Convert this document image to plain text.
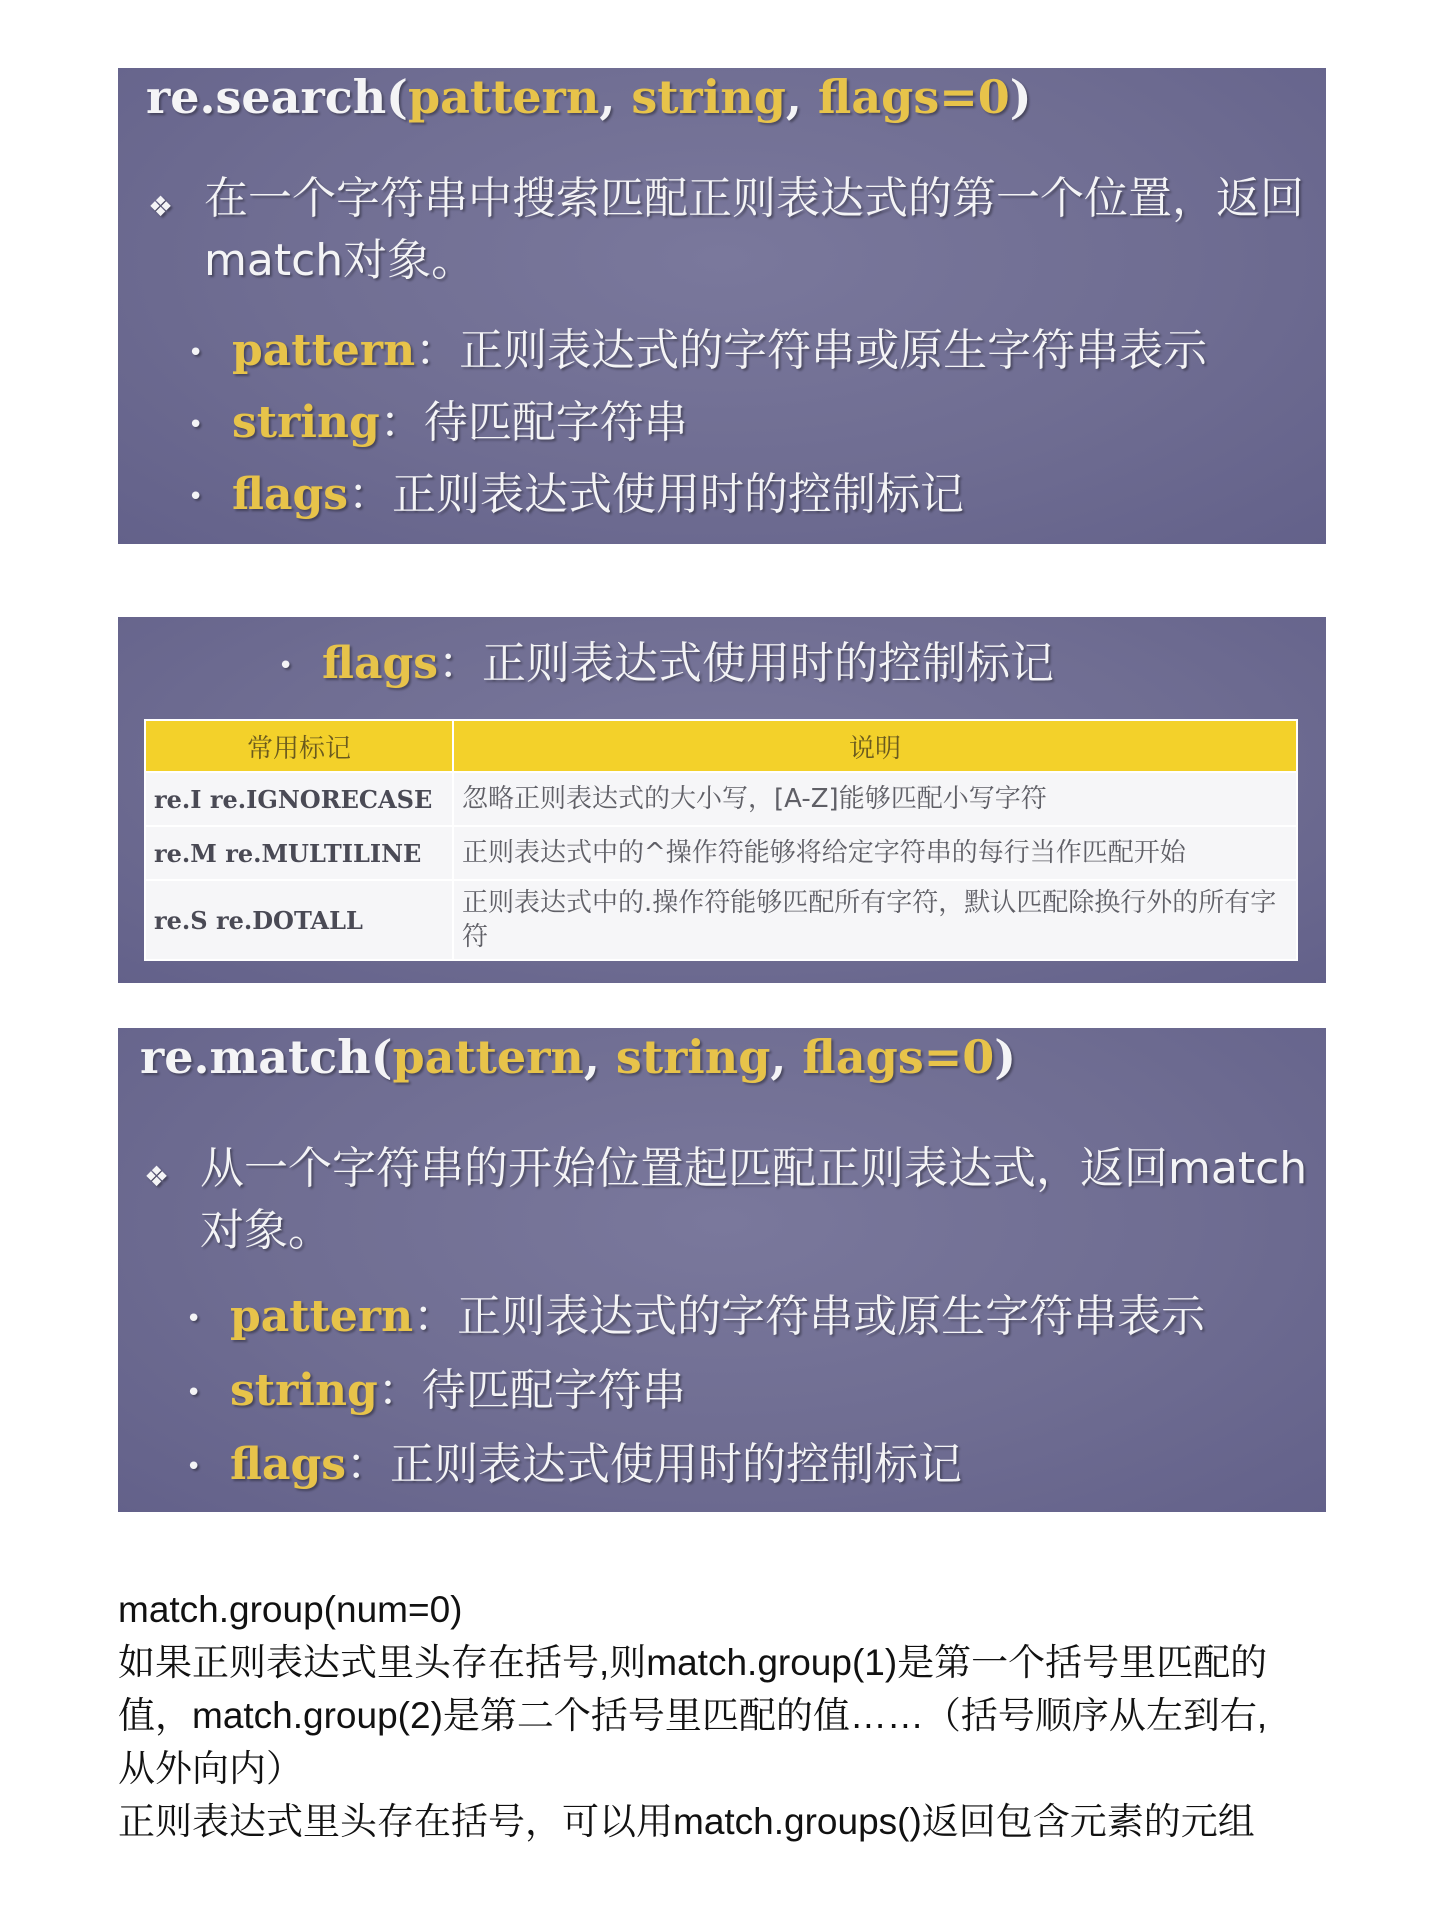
re.search(pattern, string, flags=0)
❖ 在一个字符串中搜索匹配正则表达式的第一个位置，返回match对象。
• pattern：正则表达式的字符串或原生字符串表示
• string：待匹配字符串
• flags：正则表达式使用时的控制标记
• flags：正则表达式使用时的控制标记
常用标记	说明
re.I re.IGNORECASE	忽略正则表达式的大小写，[A-Z]能够匹配小写字符
re.M re.MULTILINE	正则表达式中的^操作符能够将给定字符串的每行当作匹配开始
re.S re.DOTALL	正则表达式中的.操作符能够匹配所有字符，默认匹配除换行外的所有字符
re.match(pattern, string, flags=0)
❖ 从一个字符串的开始位置起匹配正则表达式，返回match对象。
• pattern：正则表达式的字符串或原生字符串表示
• string：待匹配字符串
• flags：正则表达式使用时的控制标记
match.group(num=0)
如果正则表达式里头存在括号,则match.group(1)是第一个括号里匹配的
值，match.group(2)是第二个括号里匹配的值……（括号顺序从左到右,
从外向内）
正则表达式里头存在括号，可以用match.groups()返回包含元素的元组
